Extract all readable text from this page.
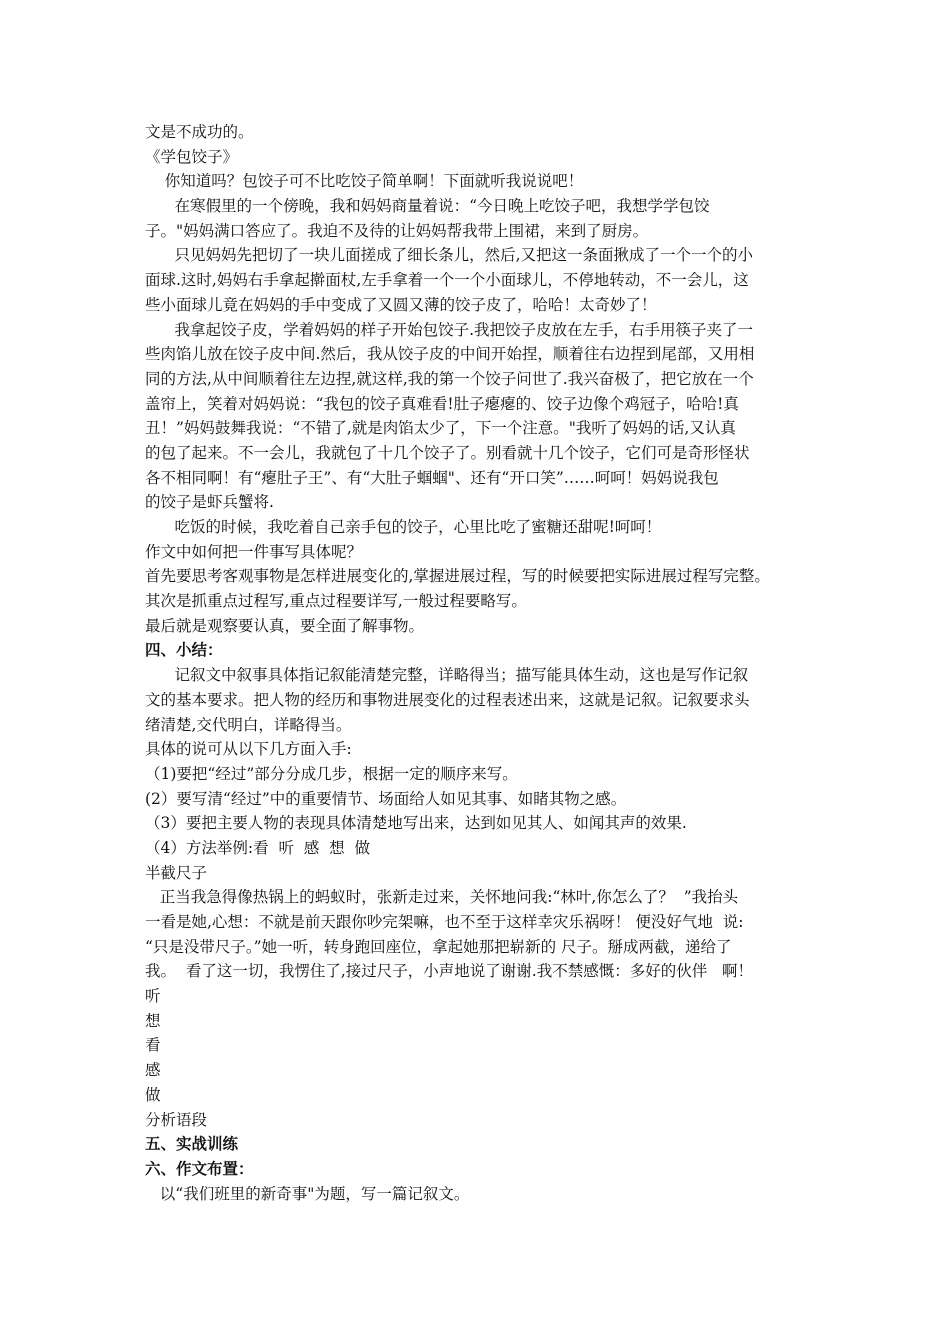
文是不成功的。
《学包饺子》
你知道吗？包饺子可不比吃饺子简单啊！下面就听我说说吧！
在寒假里的一个傍晚，我和妈妈商量着说：“今日晚上吃饺子吧，我想学学包饺
子。"妈妈满口答应了。我迫不及待的让妈妈帮我带上围裙，来到了厨房。
只见妈妈先把切了一块儿面搓成了细长条儿，然后,又把这一条面揪成了一个一个的小
面球.这时,妈妈右手拿起擀面杖,左手拿着一个一个小面球儿，不停地转动，不一会儿，这
些小面球儿竟在妈妈的手中变成了又圆又薄的饺子皮了，哈哈！太奇妙了！
我拿起饺子皮，学着妈妈的样子开始包饺子.我把饺子皮放在左手，右手用筷子夹了一
些肉馅儿放在饺子皮中间.然后，我从饺子皮的中间开始捏，顺着往右边捏到尾部，又用相
同的方法,从中间顺着往左边捏,就这样,我的第一个饺子问世了.我兴奋极了，把它放在一个
盖帘上，笑着对妈妈说：“我包的饺子真难看!肚子瘪瘪的、饺子边像个鸡冠子，哈哈!真
丑！”妈妈鼓舞我说：“不错了,就是肉馅太少了，下一个注意。"我听了妈妈的话,又认真
的包了起来。不一会儿，我就包了十几个饺子了。别看就十几个饺子，它们可是奇形怪状
各不相同啊！有“瘪肚子王”、有“大肚子蝈蝈"、还有“开口笑”……呵呵！妈妈说我包
的饺子是虾兵蟹将.
吃饭的时候，我吃着自己亲手包的饺子，心里比吃了蜜糖还甜呢!呵呵！
作文中如何把一件事写具体呢？
首先要思考客观事物是怎样进展变化的,掌握进展过程，写的时候要把实际进展过程写完整。
其次是抓重点过程写,重点过程要详写,一般过程要略写。
最后就是观察要认真，要全面了解事物。
四、小结：
记叙文中叙事具体指记叙能清楚完整，详略得当；描写能具体生动，这也是写作记叙
文的基本要求。把人物的经历和事物进展变化的过程表述出来，这就是记叙。记叙要求头
绪清楚,交代明白，详略得当。
具体的说可从以下几方面入手:
（1)要把“经过”部分分成几步，根据一定的顺序来写。
(2）要写清“经过”中的重要情节、场面给人如见其事、如睹其物之感。
（3）要把主要人物的表现具体清楚地写出来，达到如见其人、如闻其声的效果.
（4）方法举例:看  听  感  想  做
半截尺子
正当我急得像热锅上的蚂蚁时，张新走过来，关怀地问我:“林叶,你怎么了？  ”我抬头
一看是她,心想：不就是前天跟你吵完架嘛，也不至于这样幸灾乐祸呀！ 便没好气地  说:
“只是没带尺子。”她一听，转身跑回座位，拿起她那把崭新的 尺子。掰成两截，递给了
我。  看了这一切，我愣住了,接过尺子，小声地说了谢谢.我不禁感慨：多好的伙伴   啊！
听
想
看
感
做
分析语段
五、实战训练
六、作文布置：
以“我们班里的新奇事"为题，写一篇记叙文。
